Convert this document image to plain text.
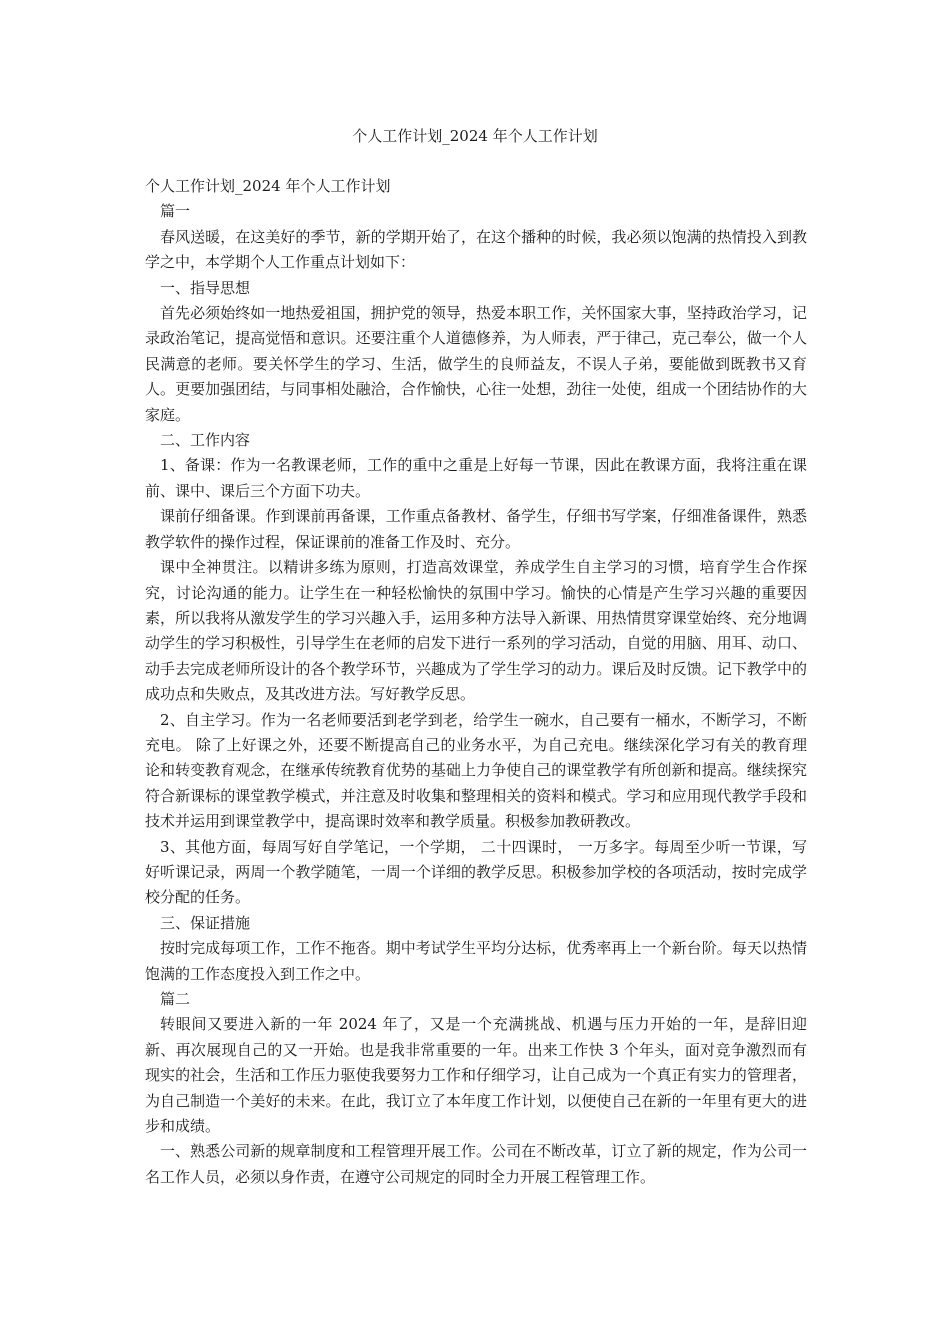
个人工作计划_2024 年个人工作计划

个人工作计划_2024 年个人工作计划

篇一

春风送暖，在这美好的季节，新的学期开始了，在这个播种的时候，我必须以饱满的热情投入到教学之中，本学期个人工作重点计划如下：

一、指导思想

首先必须始终如一地热爱祖国，拥护党的领导，热爱本职工作，关怀国家大事，坚持政治学习，记录政治笔记，提高觉悟和意识。还要注重个人道德修养，为人师表，严于律己，克己奉公，做一个人民满意的老师。要关怀学生的学习、生活，做学生的良师益友，不误人子弟，要能做到既教书又育人。更要加强团结，与同事相处融洽，合作愉快，心往一处想，劲往一处使，组成一个团结协作的大家庭。

二、工作内容

1、备课：作为一名教课老师，工作的重中之重是上好每一节课，因此在教课方面，我将注重在课前、课中、课后三个方面下功夫。

课前仔细备课。作到课前再备课，工作重点备教材、备学生，仔细书写学案，仔细准备课件，熟悉教学软件的操作过程，保证课前的准备工作及时、充分。

课中全神贯注。以精讲多练为原则，打造高效课堂，养成学生自主学习的习惯，培育学生合作探究，讨论沟通的能力。让学生在一种轻松愉快的氛围中学习。愉快的心情是产生学习兴趣的重要因素，所以我将从激发学生的学习兴趣入手，运用多种方法导入新课、用热情贯穿课堂始终、充分地调动学生的学习积极性，引导学生在老师的启发下进行一系列的学习活动，自觉的用脑、用耳、动口、动手去完成老师所设计的各个教学环节，兴趣成为了学生学习的动力。课后及时反馈。记下教学中的成功点和失败点，及其改进方法。写好教学反思。

2、自主学习。作为一名老师要活到老学到老，给学生一碗水，自己要有一桶水，不断学习，不断充电。 除了上好课之外，还要不断提高自己的业务水平，为自己充电。继续深化学习有关的教育理论和转变教育观念，在继承传统教育优势的基础上力争使自己的课堂教学有所创新和提高。继续探究符合新课标的课堂教学模式，并注意及时收集和整理相关的资料和模式。学习和应用现代教学手段和技术并运用到课堂教学中，提高课时效率和教学质量。积极参加教研教改。

3、其他方面，每周写好自学笔记，一个学期， 二十四课时， 一万多字。每周至少听一节课，写好听课记录，两周一个教学随笔，一周一个详细的教学反思。积极参加学校的各项活动，按时完成学校分配的任务。

三、保证措施

按时完成每项工作，工作不拖沓。期中考试学生平均分达标，优秀率再上一个新台阶。每天以热情饱满的工作态度投入到工作之中。

篇二

转眼间又要进入新的一年 2024 年了，又是一个充满挑战、机遇与压力开始的一年，是辞旧迎新、再次展现自己的又一开始。也是我非常重要的一年。出来工作快 3 个年头，面对竞争激烈而有现实的社会，生活和工作压力驱使我要努力工作和仔细学习，让自己成为一个真正有实力的管理者，为自己制造一个美好的未来。在此，我订立了本年度工作计划，以便使自己在新的一年里有更大的进步和成绩。

一、熟悉公司新的规章制度和工程管理开展工作。公司在不断改革，订立了新的规定，作为公司一名工作人员，必须以身作责，在遵守公司规定的同时全力开展工程管理工作。
